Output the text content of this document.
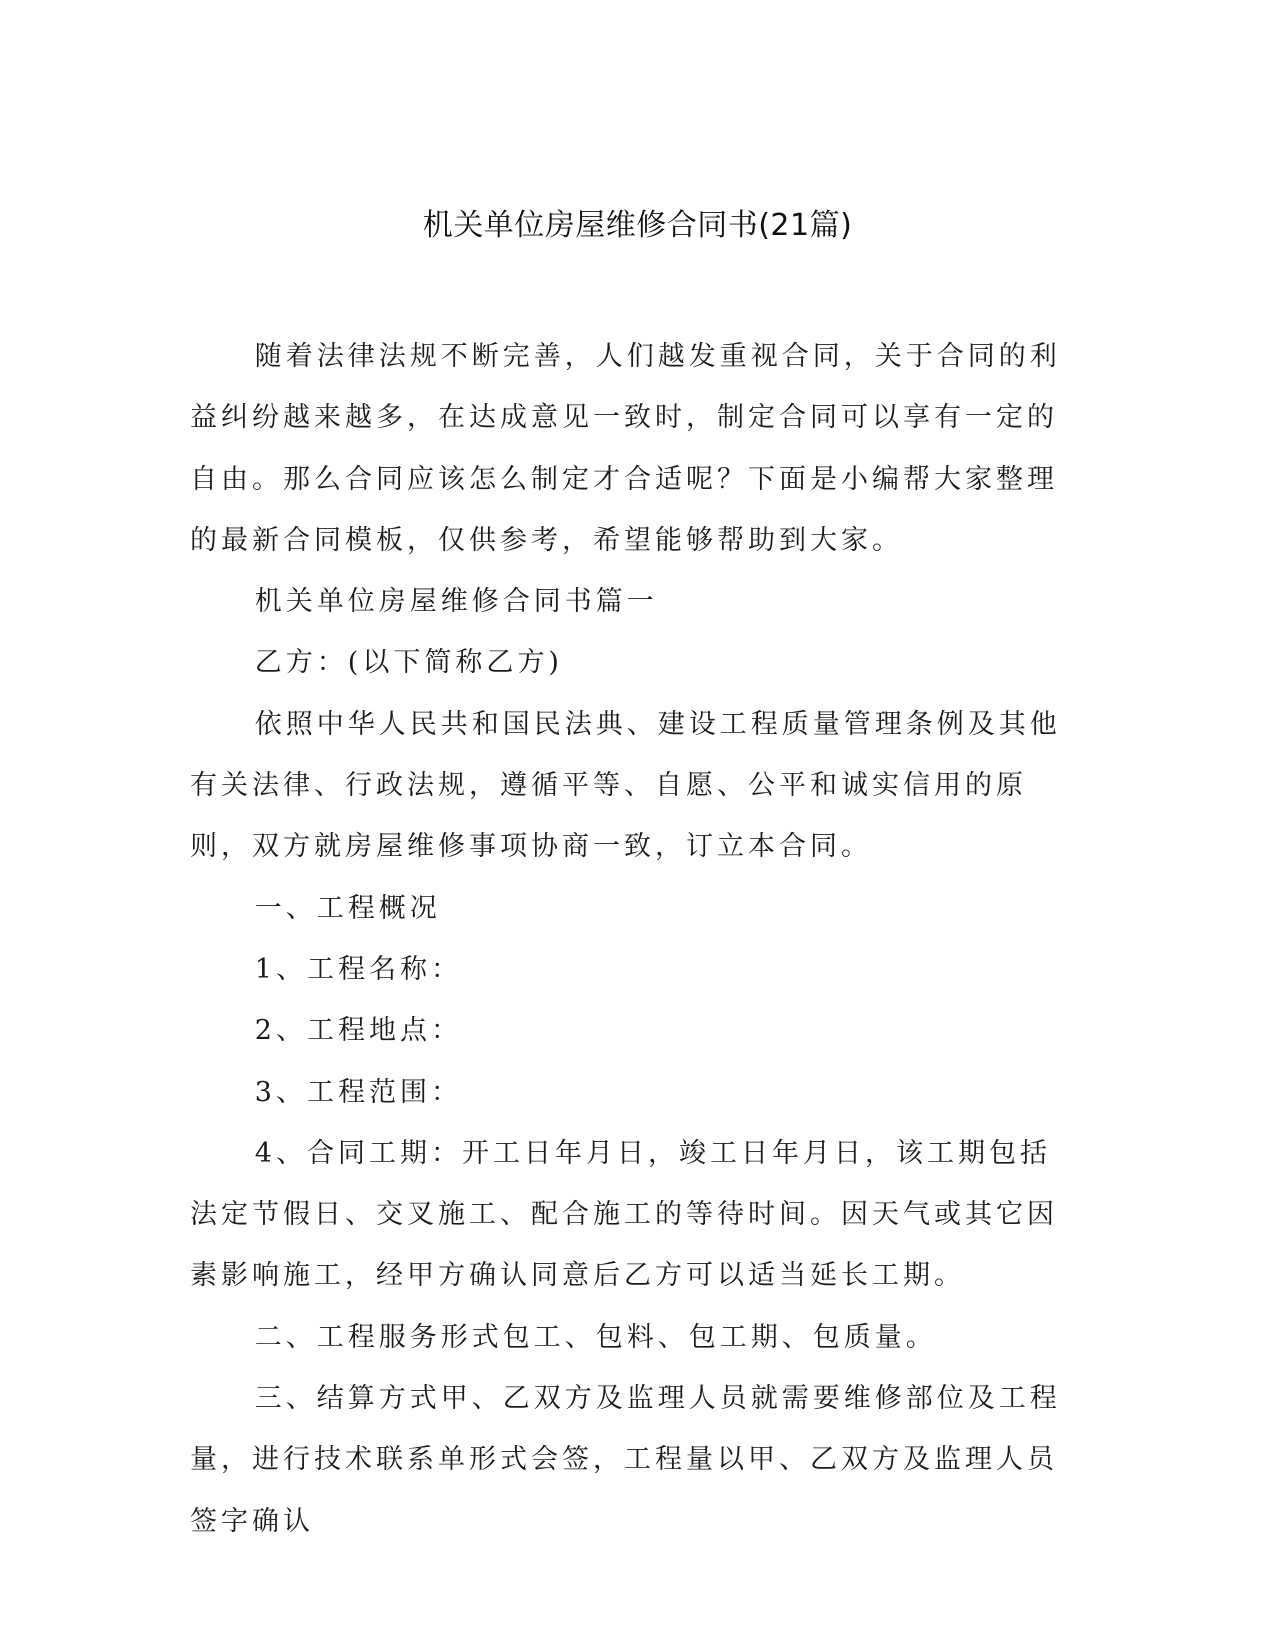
机关单位房屋维修合同书(21篇)

随着法律法规不断完善，人们越发重视合同，关于合同的利益纠纷越来越多，在达成意见一致时，制定合同可以享有一定的自由。那么合同应该怎么制定才合适呢？下面是小编帮大家整理的最新合同模板，仅供参考，希望能够帮助到大家。

机关单位房屋维修合同书篇一

乙方：(以下简称乙方)

依照中华人民共和国民法典、建设工程质量管理条例及其他有关法律、行政法规，遵循平等、自愿、公平和诚实信用的原则，双方就房屋维修事项协商一致，订立本合同。

一、工程概况

1、工程名称：

2、工程地点：

3、工程范围：

4、合同工期：开工日年月日，竣工日年月日，该工期包括法定节假日、交叉施工、配合施工的等待时间。因天气或其它因素影响施工，经甲方确认同意后乙方可以适当延长工期。

二、工程服务形式包工、包料、包工期、包质量。

三、结算方式甲、乙双方及监理人员就需要维修部位及工程量，进行技术联系单形式会签，工程量以甲、乙双方及监理人员签字确认
